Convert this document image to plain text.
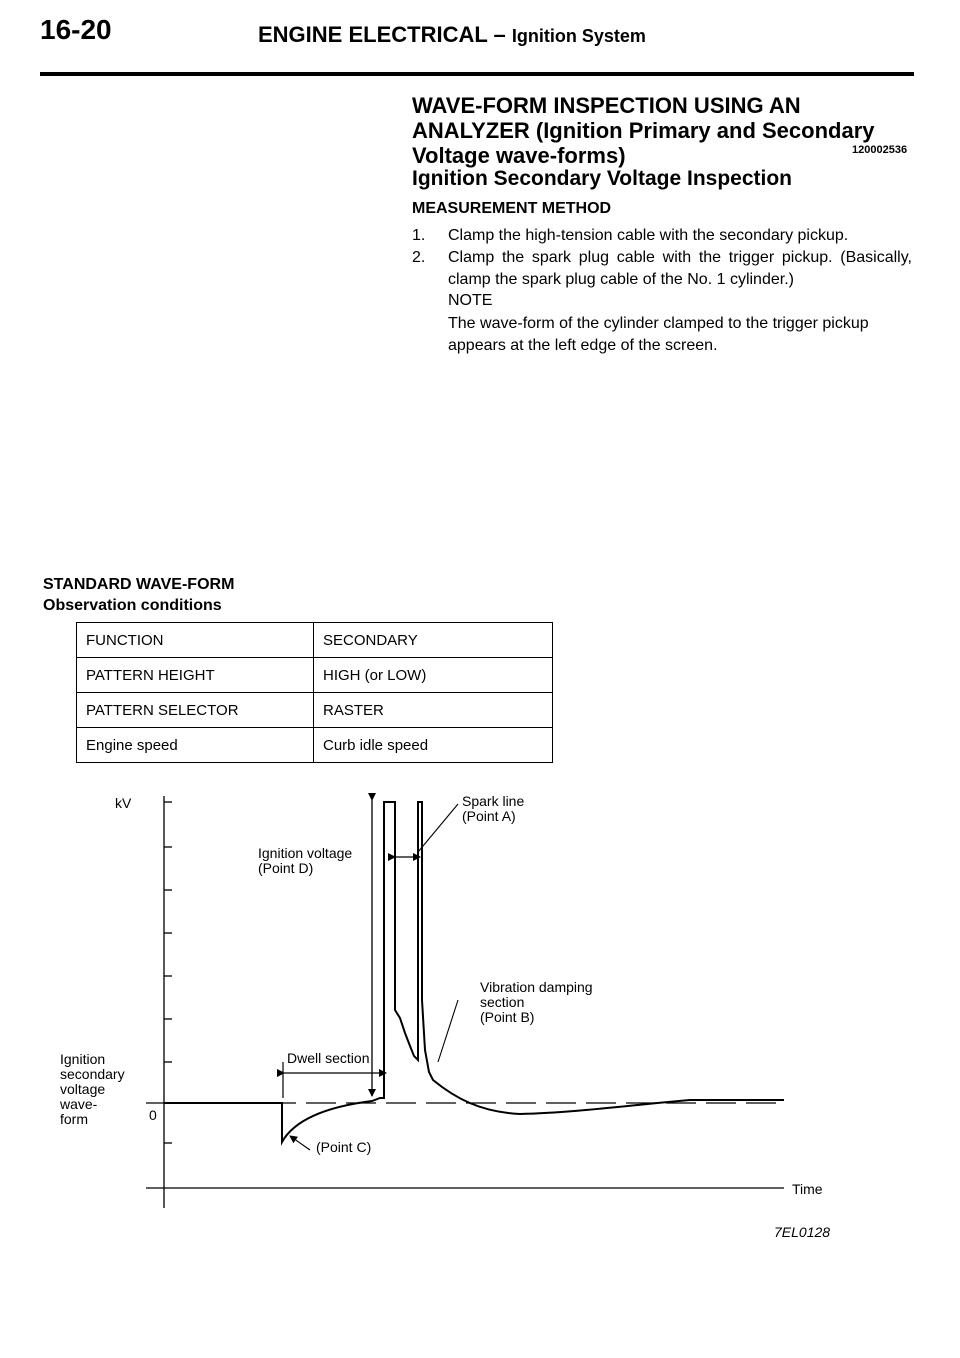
16-20	ENGINE ELECTRICAL – Ignition System
WAVE-FORM INSPECTION USING AN ANALYZER (Ignition Primary and Secondary Voltage wave-forms)	120002536
Ignition Secondary Voltage Inspection
MEASUREMENT METHOD
1.	Clamp the high-tension cable with the secondary pickup.
2.	Clamp the spark plug cable with the trigger pickup. (Basically, clamp the spark plug cable of the No. 1 cylinder.)
NOTE
The wave-form of the cylinder clamped to the trigger pickup appears at the left edge of the screen.
STANDARD WAVE-FORM
Observation conditions
FUNCTION	SECONDARY
PATTERN HEIGHT	HIGH (or LOW)
PATTERN SELECTOR	RASTER
Engine speed	Curb idle speed
kV
0
Time
Ignition
secondary
voltage
wave-
form
Ignition voltage
(Point D)
Spark line
(Point A)
Vibration damping
section
(Point B)
Dwell section
(Point C)
7EL0128
